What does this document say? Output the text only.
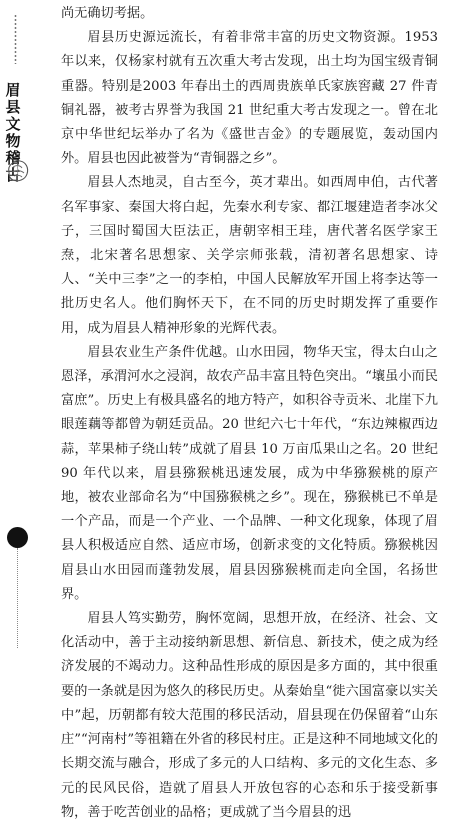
眉县文物稽古

尚无确切考据。

眉县历史源远流长，有着非常丰富的历史文物资源。1953 年以来，仅杨家村就有五次重大考古发现，出土均为国宝级青铜重器。特别是2003 年春出土的西周贵族单氏家族窖藏 27 件青铜礼器，被考古界誉为我国 21 世纪重大考古发现之一。曾在北京中华世纪坛举办了名为《盛世吉金》的专题展览，轰动国内外。眉县也因此被誉为“青铜器之乡”。

眉县人杰地灵，自古至今，英才辈出。如西周申伯，古代著名军事家、秦国大将白起，先秦水利专家、都江堰建造者李冰父子，三国时蜀国大臣法正，唐朝宰相王珪，唐代著名医学家王焘，北宋著名思想家、关学宗师张载，清初著名思想家、诗人、“关中三李”之一的李柏，中国人民解放军开国上将李达等一批历史名人。他们胸怀天下，在不同的历史时期发挥了重要作用，成为眉县人精神形象的光辉代表。

眉县农业生产条件优越。山水田园，物华天宝，得太白山之恩泽，承渭河水之浸润，故农产品丰富且特色突出。“壤虽小而民富庶”。历史上有极具盛名的地方特产，如积谷寺贡米、北崖下九眼莲藕等都曾为朝廷贡品。20 世纪六七十年代，“东边辣椒西边蒜，苹果柿子绕山转”成就了眉县 10 万亩瓜果山之名。20 世纪 90 年代以来，眉县猕猴桃迅速发展，成为中华猕猴桃的原产地，被农业部命名为“中国猕猴桃之乡”。现在，猕猴桃已不单是一个产品，而是一个产业、一个品牌、一种文化现象，体现了眉县人积极适应自然、适应市场，创新求变的文化特质。猕猴桃因眉县山水田园而蓬勃发展，眉县因猕猴桃而走向全国，名扬世界。

眉县人笃实勤劳，胸怀宽阔，思想开放，在经济、社会、文化活动中，善于主动接纳新思想、新信息、新技术，使之成为经济发展的不竭动力。这种品性形成的原因是多方面的，其中很重要的一条就是因为悠久的移民历史。从秦始皇“徙六国富豪以实关中”起，历朝都有较大范围的移民活动，眉县现在仍保留着“山东庄”“河南村”等祖籍在外省的移民村庄。正是这种不同地域文化的长期交流与融合，形成了多元的人口结构、多元的文化生态、多元的民风民俗，造就了眉县人开放包容的心态和乐于接受新事物，善于吃苦创业的品格；更成就了当今眉县的迅
